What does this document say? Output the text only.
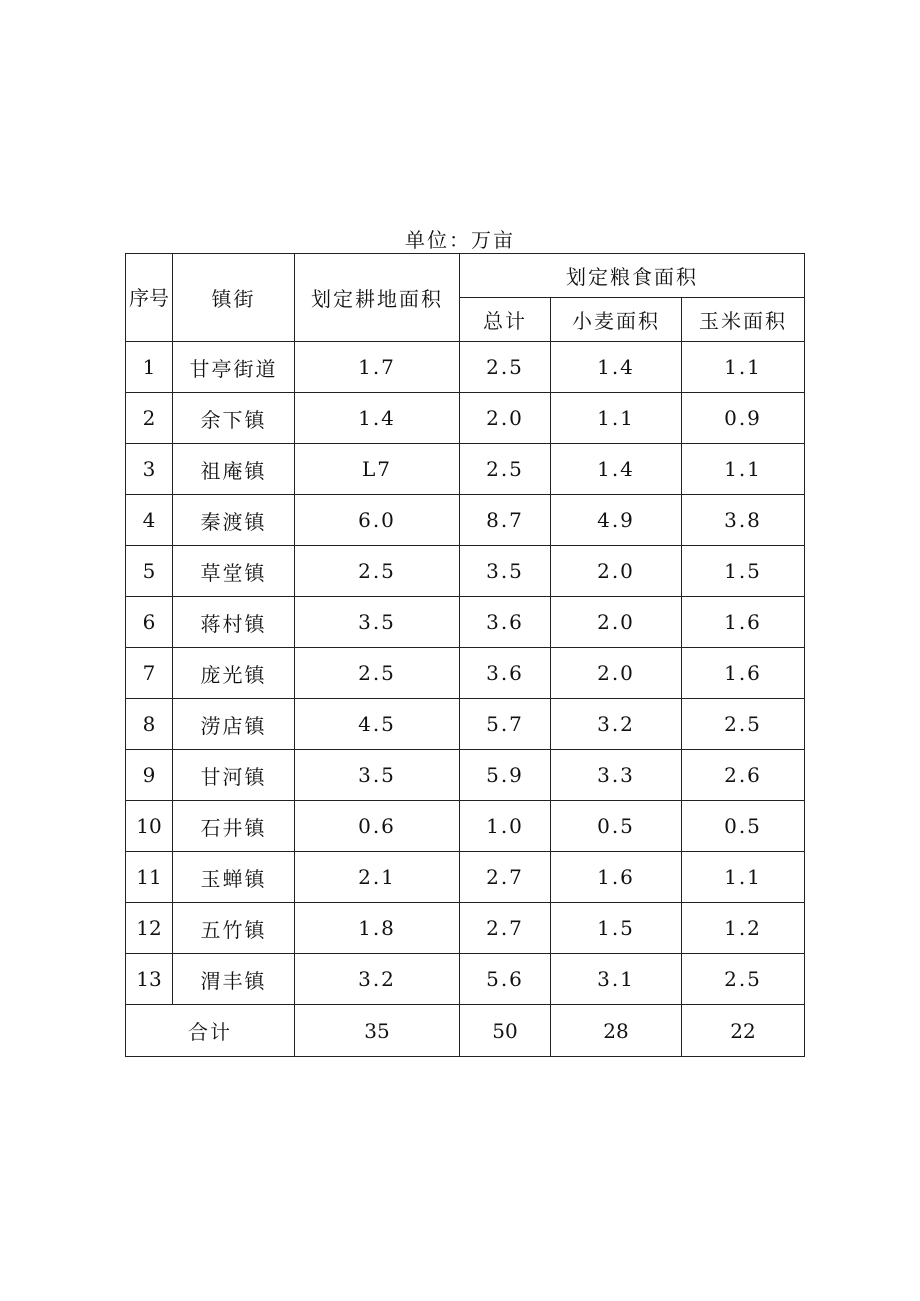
单位：万亩
序号	镇街	划定耕地面积	划定粮食面积		
			总计	小麦面积	玉米面积
1	甘亭街道	1.7	2.5	1.4	1.1
2	余下镇	1.4	2.0	1.1	0.9
3	祖庵镇	L7	2.5	1.4	1.1
4	秦渡镇	6.0	8.7	4.9	3.8
5	草堂镇	2.5	3.5	2.0	1.5
6	蒋村镇	3.5	3.6	2.0	1.6
7	庞光镇	2.5	3.6	2.0	1.6
8	涝店镇	4.5	5.7	3.2	2.5
9	甘河镇	3.5	5.9	3.3	2.6
10	石井镇	0.6	1.0	0.5	0.5
11	玉蝉镇	2.1	2.7	1.6	1.1
12	五竹镇	1.8	2.7	1.5	1.2
13	渭丰镇	3.2	5.6	3.1	2.5
合计		35	50	28	22
